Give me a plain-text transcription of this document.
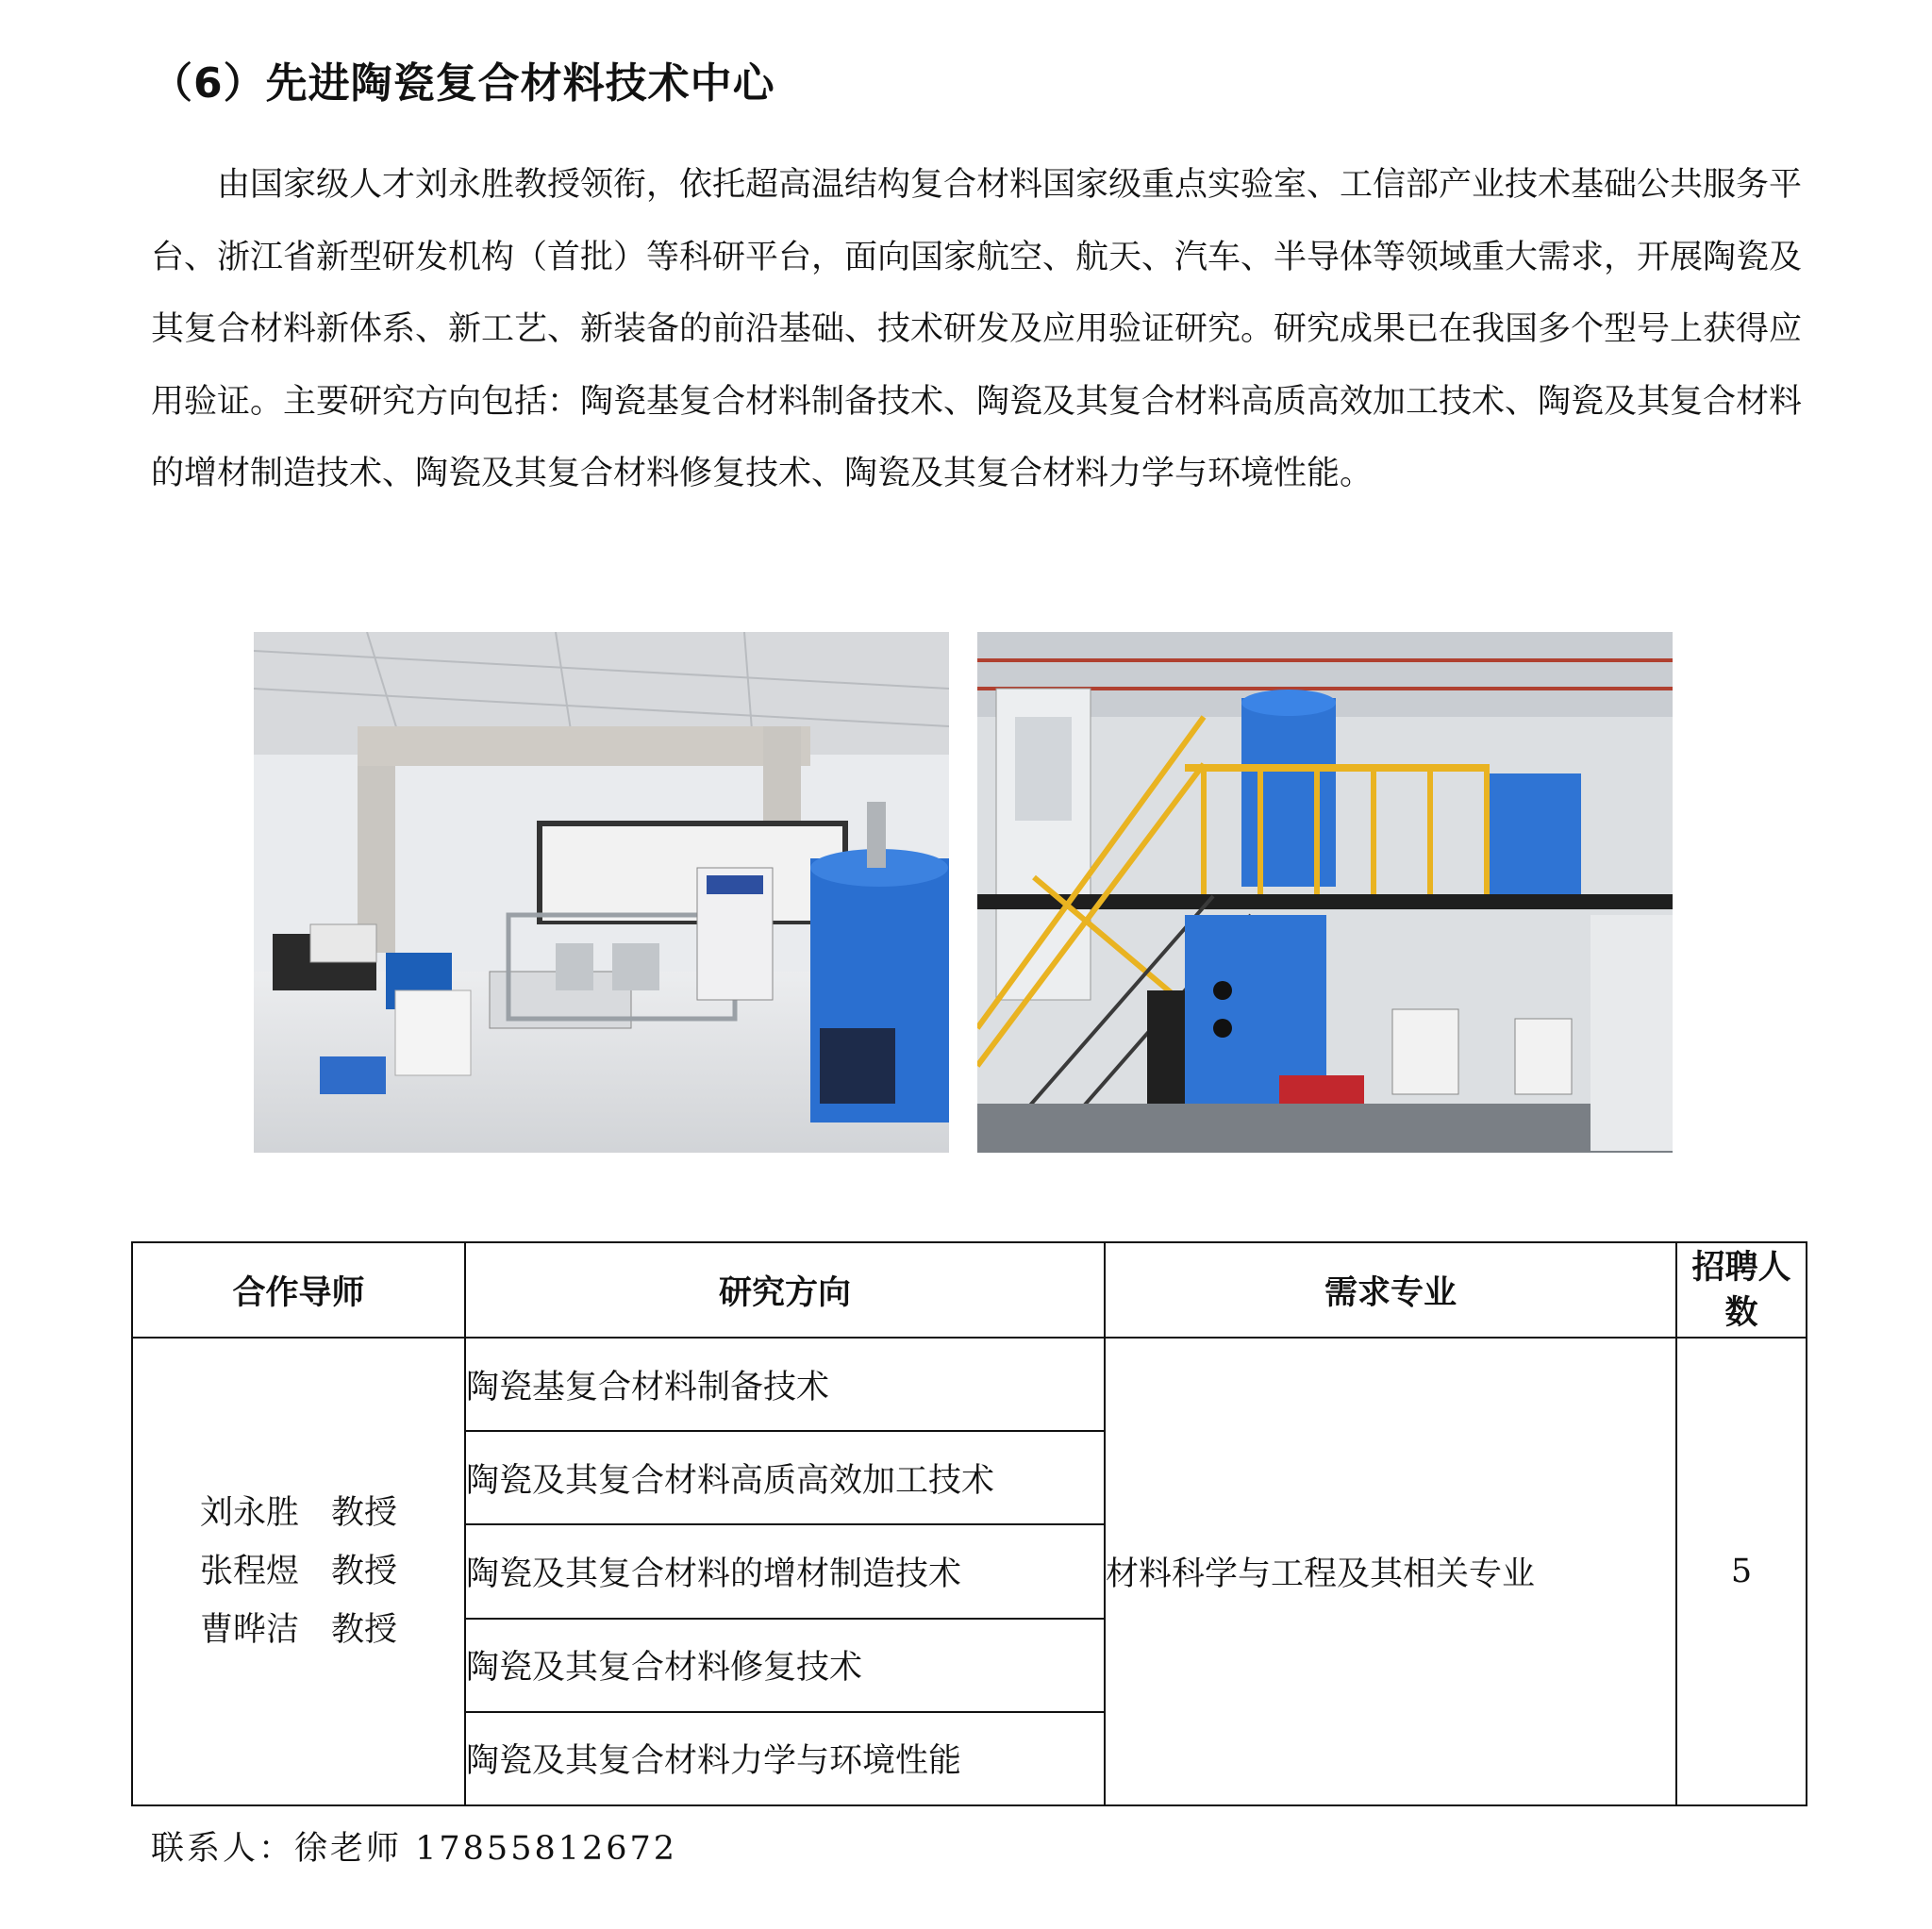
（6）先进陶瓷复合材料技术中心

由国家级人才刘永胜教授领衔，依托超高温结构复合材料国家级重点实验室、工信部产业技术基础公共服务平台、浙江省新型研发机构（首批）等科研平台，面向国家航空、航天、汽车、半导体等领域重大需求，开展陶瓷及其复合材料新体系、新工艺、新装备的前沿基础、技术研发及应用验证研究。研究成果已在我国多个型号上获得应用验证。主要研究方向包括：陶瓷基复合材料制备技术、陶瓷及其复合材料高质高效加工技术、陶瓷及其复合材料的增材制造技术、陶瓷及其复合材料修复技术、陶瓷及其复合材料力学与环境性能。

合作导师	研究方向	需求专业	招聘人数

刘永胜 教授
张程煜 教授
曹晔洁 教授	陶瓷基复合材料制备技术	材料科学与工程及其相关专业	5
	陶瓷及其复合材料高质高效加工技术		
	陶瓷及其复合材料的增材制造技术		
	陶瓷及其复合材料修复技术		
	陶瓷及其复合材料力学与环境性能		

联系人：徐老师 17855812672
